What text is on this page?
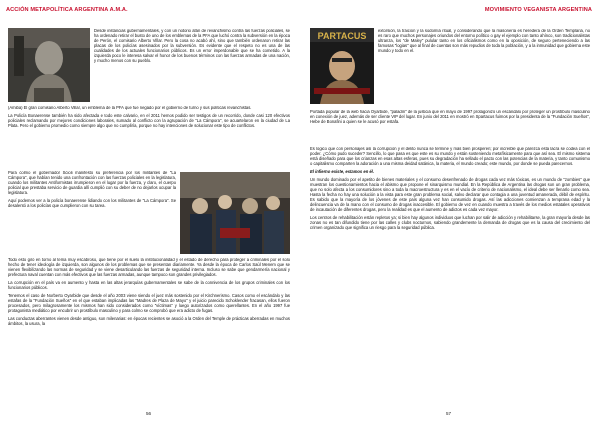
ACCIÓN METAPOLÍTICA ARGENTINA A.M.A.

Desde instancias gubernamentales, y con un notorio afán de revanchismo contra las fuerzas policiales, se ha ordenado retirar el busto de uno de los emblemas de la PFA que luchó contra la subversión en la época de Perón, el comisario Alberto Villar. Pero la cosa no acabó ahí, sino que también ordenaron retirar las placas de los policías asesinados por la subversión. Es evidente que el respeto no es una de las cualidades de los actuales funcionarios públicos. Es un error imperdonable que se ha cometido. A la izquierda poco le interesa salvar el honor de los buenos términos con las fuerzas armadas de una nación, y mucho menos con su pueblo.

(Amiba) El gran comisario Alberto Villar, un emblema de la PFA que fue negado por el gobierno de turno y sus políticas revanchistas.

La Policía Bonaerense también ha sido afectada e todo este calvario, en el 2011 hemos podido ser testigos de un recorrido, donde casi 120 efectivos policiales reclamando por mejores condiciones laborales, sumado al conflicto con la agrupación de "La Cámpora", se acuartelaron en la ciudad de La Plata. Pero el gobierno promedio como siempre algo que no cumpliría, porque no hay intenciones de solucionar este tipo de conflictos.

Para colmo el gobernador Scioli manifestó su preferencia por los militantes de "La Cámpora", que habían tenido una confrontación con las fuerzas policiales en la legislatura, cuando los militantes Antiformistas irrumpieron en el lugar por la fuerza, y claro, el cuerpo policial que prestaba servicio de guardia allí cumplió con su deber de no dejarlos ocupar la legislatura.

Aquí podemos ver a la policía bonaerense lidiando con los militantes de "La Cámpora". Se desalentó a los policías que cumplieron con su tarea.

Todo esto giró en torno al tema muy escabroso, que tiene por el suelo la institucionalidad y el estado de derecho para proteger a criminales por el solo hecho de tener ideología de izquierda, son algunos de los problemas que se presentan diariamente. Ya desde la época de Carlos Saúl Menem que se vienen flexibilizando las normas de seguridad y se viene desarticulando las fuerzas de seguridad interna. Incluso se sabe que gendarmería nacional y prefectura naval cuentan con más efectivos que las fuerzas armadas, aunque tampoco son grandes privilegiados.

La corrupción en el país va en aumento y hasta en las altas jerarquías gubernamentales se sabe de la connivencia de los grupos criminales con los funcionarios públicos.

Tenemos el caso de Norberto Oyarbide que desde el año 2003 viene siendo el juez más sostenido por el Kirchnerismo. Casos como el escándalo y las estafas de la "Fundación Sueños" en el que estaban implicadas las "Madres de Plaza de Mayo" y el juicio parecido Schoklender fracasan, ellos fueron procesados, pero milagrosamente los mismos han sido considerados como "víctimas" y luego autorizados como querellantes. En el año 1997 fue protagonista mediático por encubrir un prostíbulo masculino y para colmo se comprobó que era adicto de fugas.

Las conductas aberrantes vienen desde antiguo, son milenarias: en épocas recientes se asoció a la Orden del Temple de prácticas aberradas en muchos ámbitos, la usura, la

56
MOVIMIENTO VEGANISTA ARGENTINA
PARTACUS

extorsión, la traición y la sodomía ritual, y considerando que la masonería es heredera de la Orden Templaria, no es raro que muchos personajes oriundos del entorno político o gay el ejemplo con tanto ahínco, son tradicionalistas ultranza, los "de Maley" pulular tanto en los oficialismos como en la oposición, de seguro perteneciendo a las famosas "logias" que al final de cuentas son más repudios de toda la población, y a la inmunidad que gobierna este mundo y todo en el.

Portada popular de la web hacia Oyarbide, "paladín" de la justicia que en mayo de 1997 protagonizó un escándalo por proteger un prostíbulo masculino en conexión de juez, además de ser cliente VIP del lugar. En junio del 2011 en mostró en Spartacus fuimos por la presidenta de la "Fundación Sueños", Hebe de Bonafini a quien se le acusó por estafa.

Es lógico que con personajes así la corrupción y el delito nunca se termine y más bien prosperen; por increíble que parezca esta lacra se codea con el poder. ¿Cómo pudo suceder? Sencillo, lo que pasa es que este es su mundo y están sosteniendo metafísicamente para que así sea. El mismo sistema está diseñado para que los crianzas en esas altas esferas, pues su degradación ha sellado el pacto con las potencias de la materia, y tanto comunismo o capitalismo comparten la adoración a una misma deidad satánica, la materia, el mundo creado; este mundo, por donde se pueda parecernos.

El infierno existe, estamos en él.

Un mundo dominado por el apetito de bienes materiales y el consumo desenfrenado de drogas cada vez más tóxicas, es un mundo de "zombies" que muestran los cuestionamientos hacia el abismo que propone el sinarquismo mundial. En la República de Argentina las drogas son un gran problema, que no solo afecta a los consumidores sino a toda la macroestructura y es en el vacío de criterio de nacionalismo, el ideal debe ser llenarlo como sea. Hasta la fecha no hay una solución a la vista para este gran problema social, salvo declarar que contagia a una juventud amanerada, débil de espíritu. Es sabido que la mayoría de los jóvenes de este país alguna vez han consumido drogas. Así las adicciones comienzan a temprana edad y la delincuencia va de la mano con el consumo de drogas inaccesible. El gobierno de vez en cuando muestra a través de los medios estatales operativos de incautación de diferentes drogas, pero la realidad es que el aumento de adictos es cada vez mayor.

Los centros de rehabilitación están repletos ya; si bien hay algunos individuos que luchan por salir de adicción y rehabilitarse, la gran mayoría desde las zonas no es tan difundido tiene por las calles y clubs nocturnos, sabiendo grandemente la demanda de drogas que es la causa del crecimiento del crimen organizado que significa un riesgo para la seguridad pública.

57
